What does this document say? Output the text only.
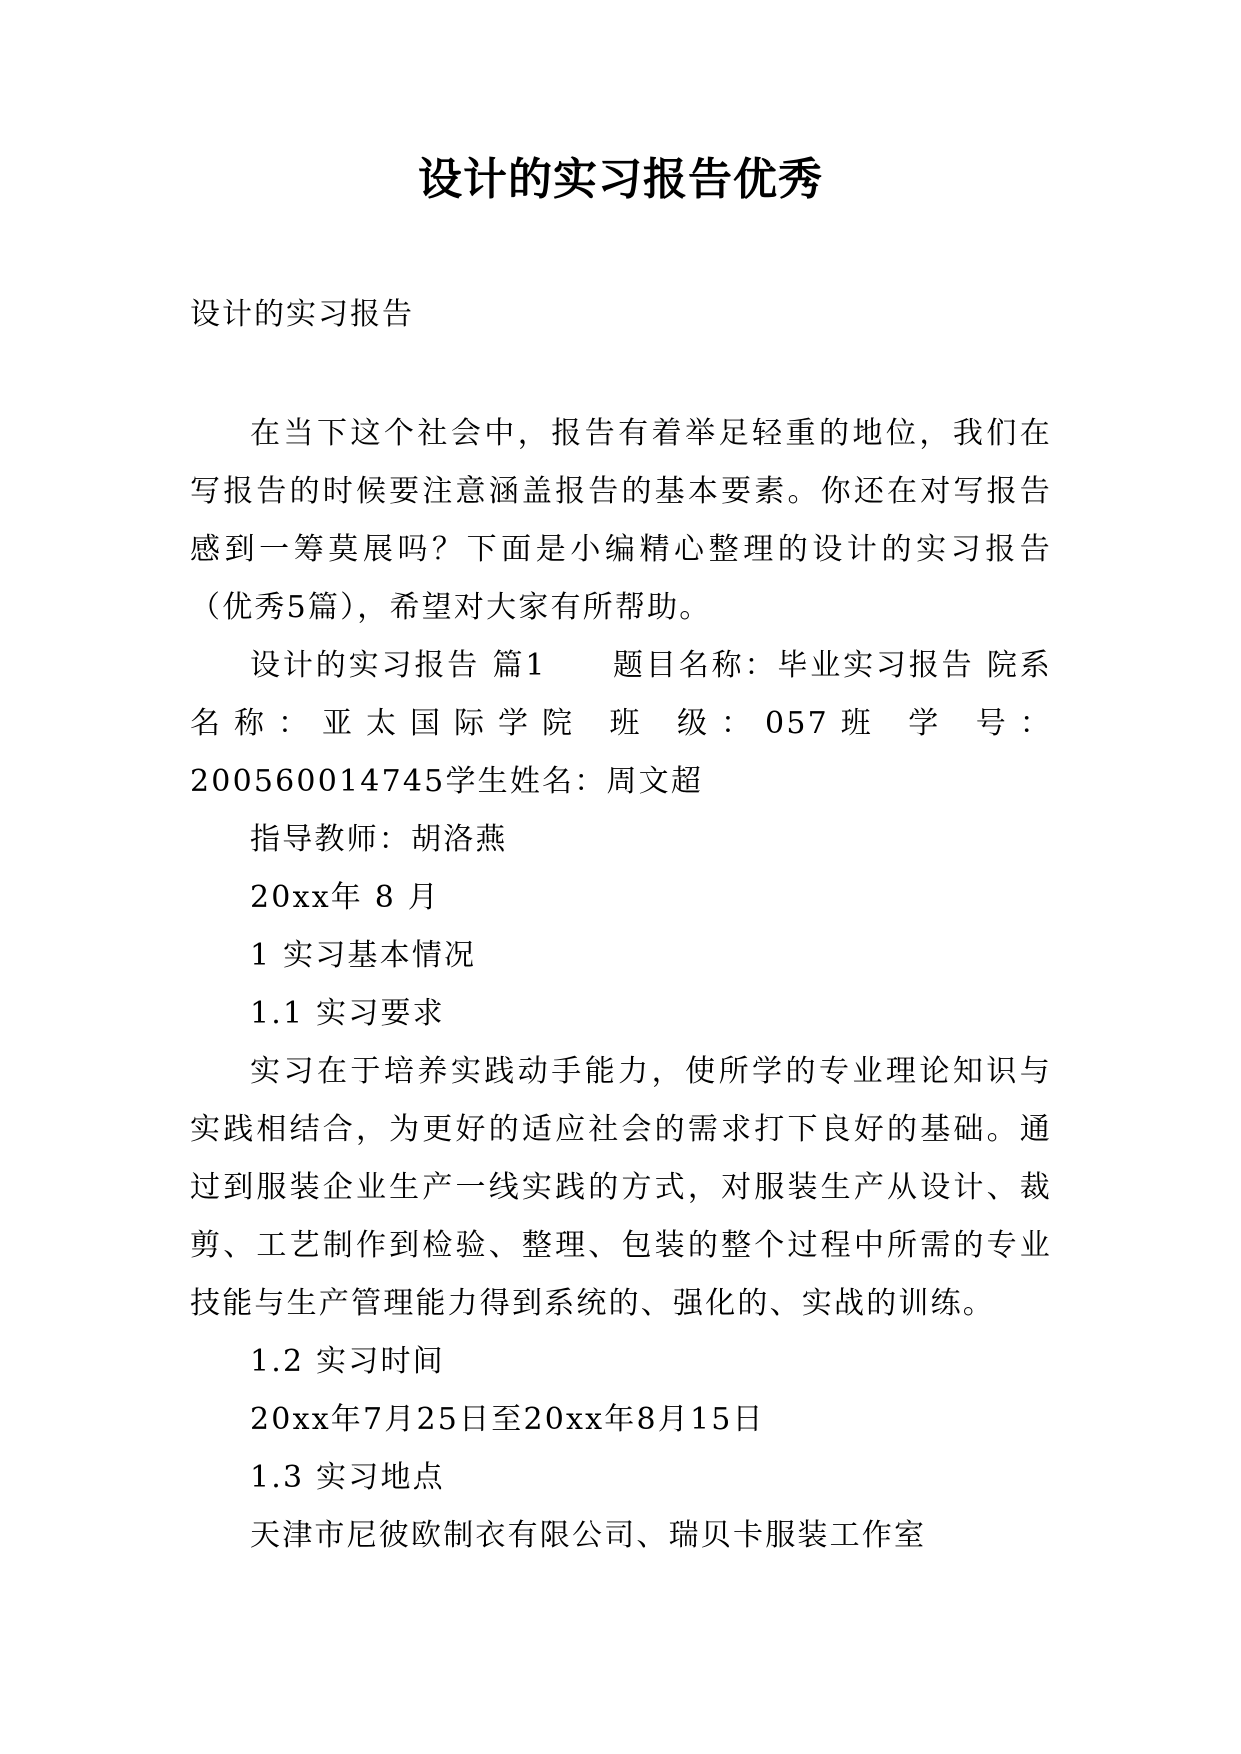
设计的实习报告优秀
设计的实习报告

在当下这个社会中，报告有着举足轻重的地位，我们在写报告的时候要注意涵盖报告的基本要素。你还在对写报告感到一筹莫展吗？下面是小编精心整理的设计的实习报告（优秀5篇），希望对大家有所帮助。

设计的实习报告 篇1　　题目名称：毕业实习报告 院系名称：亚太国际学院 班 级：057班 学 号：200560014745学生姓名：周文超

指导教师：胡洛燕

20xx年 8 月

1 实习基本情况

1.1 实习要求

实习在于培养实践动手能力，使所学的专业理论知识与实践相结合，为更好的适应社会的需求打下良好的基础。通过到服装企业生产一线实践的方式，对服装生产从设计、裁剪、工艺制作到检验、整理、包装的整个过程中所需的专业技能与生产管理能力得到系统的、强化的、实战的训练。

1.2 实习时间

20xx年7月25日至20xx年8月15日

1.3 实习地点

天津市尼彼欧制衣有限公司、瑞贝卡服装工作室
